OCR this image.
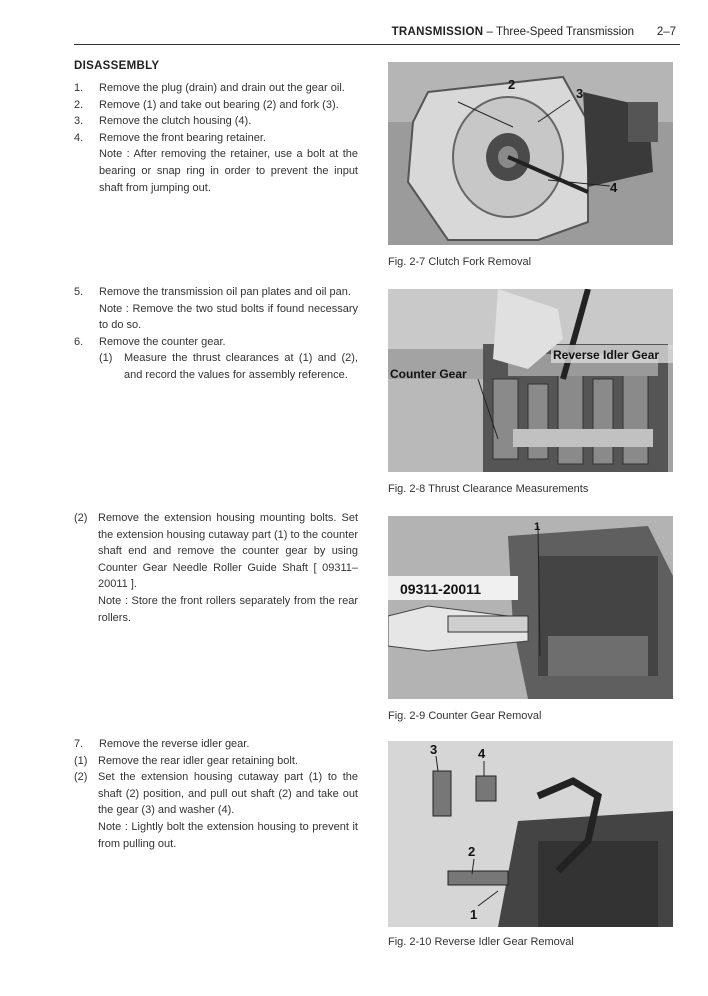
TRANSMISSION – Three-Speed Transmission 2–7
DISASSEMBLY
1. Remove the plug (drain) and drain out the gear oil.
2. Remove (1) and take out bearing (2) and fork (3).
3. Remove the clutch housing (4).
4. Remove the front bearing retainer.
Note : After removing the retainer, use a bolt at the bearing or snap ring in order to prevent the input shaft from jumping out.
5. Remove the transmission oil pan plates and oil pan.
Note : Remove the two stud bolts if found necessary to do so.
6. Remove the counter gear.
(1) Measure the thrust clearances at (1) and (2), and record the values for assembly reference.
(2) Remove the extension housing mounting bolts. Set the extension housing cutaway part (1) to the counter shaft end and remove the counter gear by using Counter Gear Needle Roller Guide Shaft [ 09311–20011 ].
Note : Store the front rollers separately from the rear rollers.
7. Remove the reverse idler gear.
(1) Remove the rear idler gear retaining bolt.
(2) Set the extension housing cutaway part (1) to the shaft (2) position, and pull out shaft (2) and take out the gear (3) and washer (4).
Note : Lightly bolt the extension housing to prevent it from pulling out.
2
3
4
Fig. 2-7 Clutch Fork Removal
Counter Gear
Reverse Idler Gear
Fig. 2-8 Thrust Clearance Measurements
09311-20011
1
Fig. 2-9 Counter Gear Removal
3	4
2
1
Fig. 2-10 Reverse Idler Gear Removal
